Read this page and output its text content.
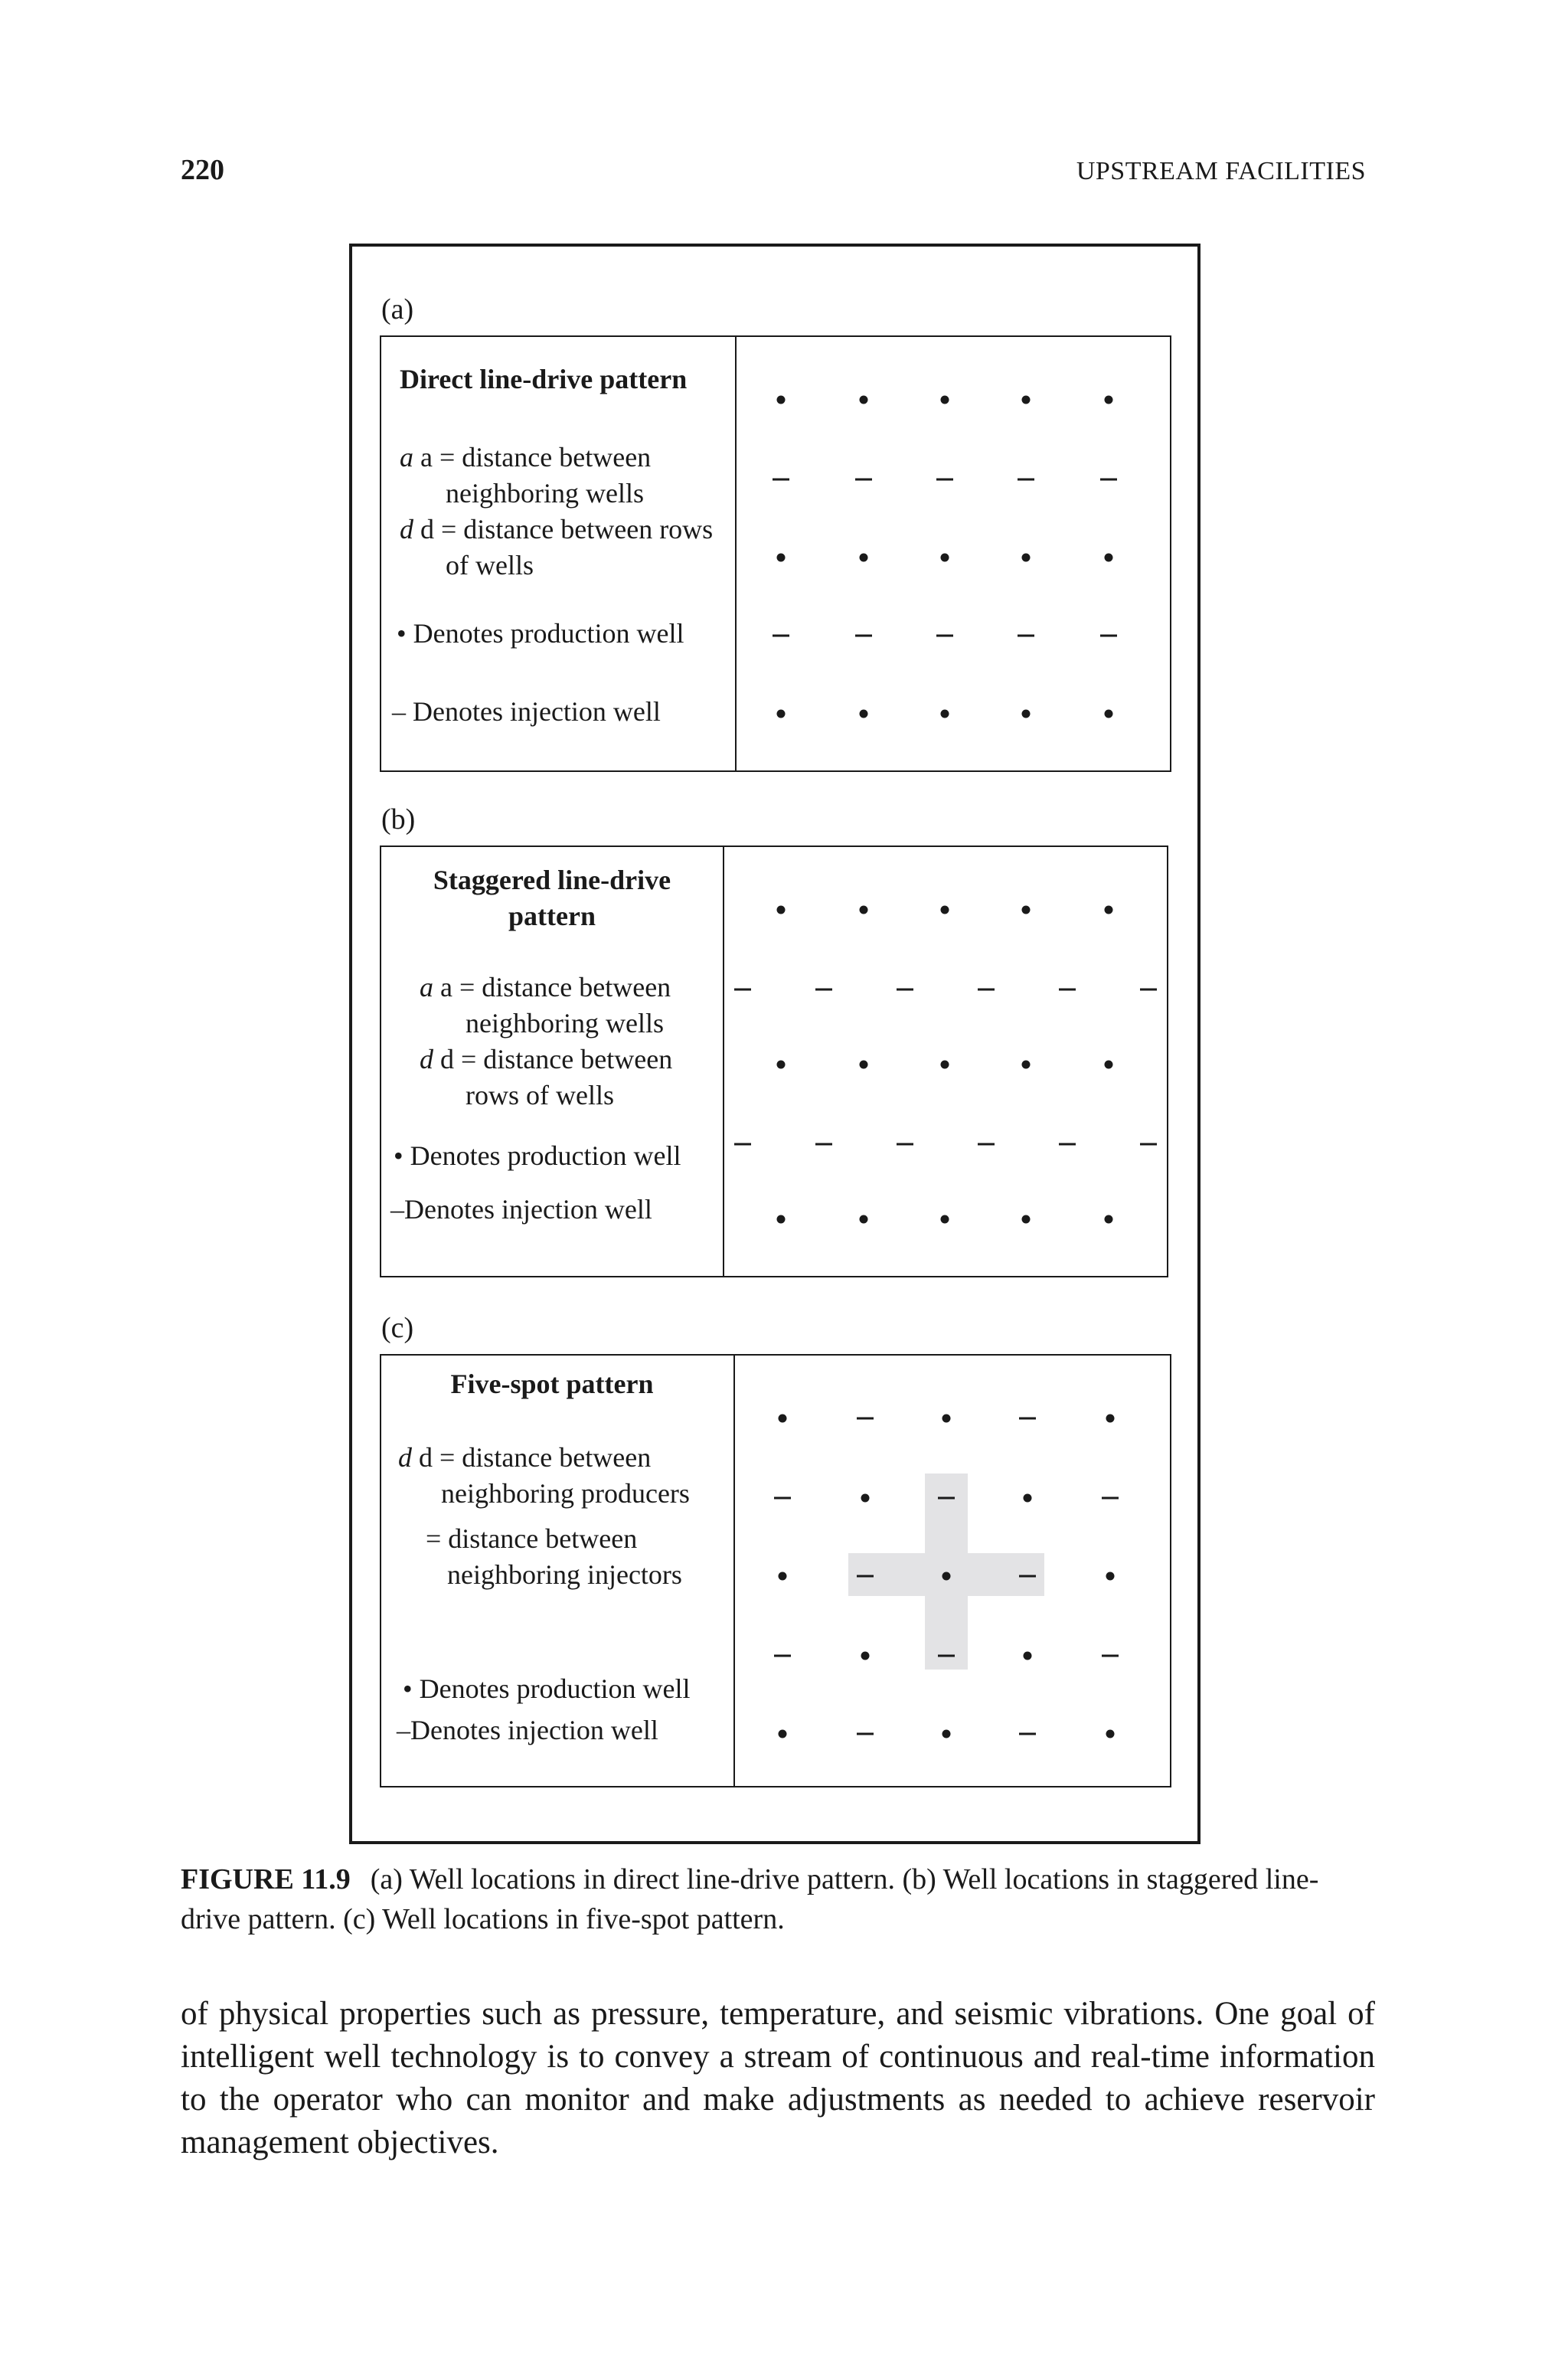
220	UPSTREAM FACILITIES
(a)
Direct line-drive pattern
a a = distance between
neighboring wells
d d = distance between rows
of wells
• Denotes production well
– Denotes injection well
(b)
Staggered line-drive
pattern
a a = distance between
neighboring wells
d d = distance between
rows of wells
• Denotes production well
–Denotes injection well
(c)
Five-spot pattern
d d = distance between
neighboring producers
= distance between
neighboring injectors
• Denotes production well
–Denotes injection well
FIGURE 11.9 (a) Well locations in direct line-drive pattern. (b) Well locations in staggered line-drive pattern. (c) Well locations in five-spot pattern.
of physical properties such as pressure, temperature, and seismic vibrations. One goal of intelligent well technology is to convey a stream of continuous and real-time information to the operator who can monitor and make adjustments as needed to achieve reservoir management objectives.
